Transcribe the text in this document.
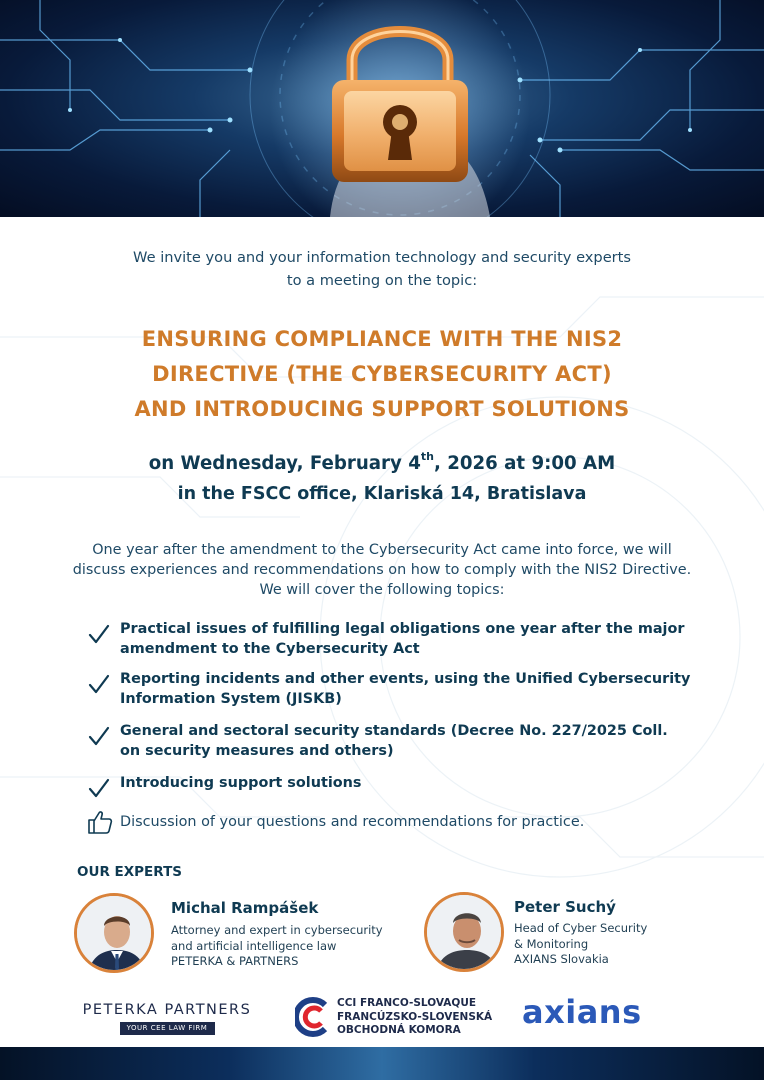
We invite you and your information technology and security experts
to a meeting on the topic:
ENSURING COMPLIANCE WITH THE NIS2
DIRECTIVE (THE CYBERSECURITY ACT)
AND INTRODUCING SUPPORT SOLUTIONS
on Wednesday, February 4th, 2026 at 9:00 AM
in the FSCC office, Klariská 14, Bratislava
One year after the amendment to the Cybersecurity Act came into force, we will
discuss experiences and recommendations on how to comply with the NIS2 Directive.
We will cover the following topics:
Practical issues of fulfilling legal obligations one year after the major
amendment to the Cybersecurity Act
Reporting incidents and other events, using the Unified Cybersecurity
Information System (JISKB)
General and sectoral security standards (Decree No. 227/2025 Coll.
on security measures and others)
Introducing support solutions
Discussion of your questions and recommendations for practice.
OUR EXPERTS
Michal Rampášek
Attorney and expert in cybersecurity
and artificial intelligence law
PETERKA & PARTNERS
Peter Suchý
Head of Cyber Security
& Monitoring
AXIANS Slovakia
PETERKA PARTNERS
YOUR CEE LAW FIRM
CCI FRANCO-SLOVAQUE
FRANCÚZSKO-SLOVENSKÁ
OBCHODNÁ KOMORA	axians
